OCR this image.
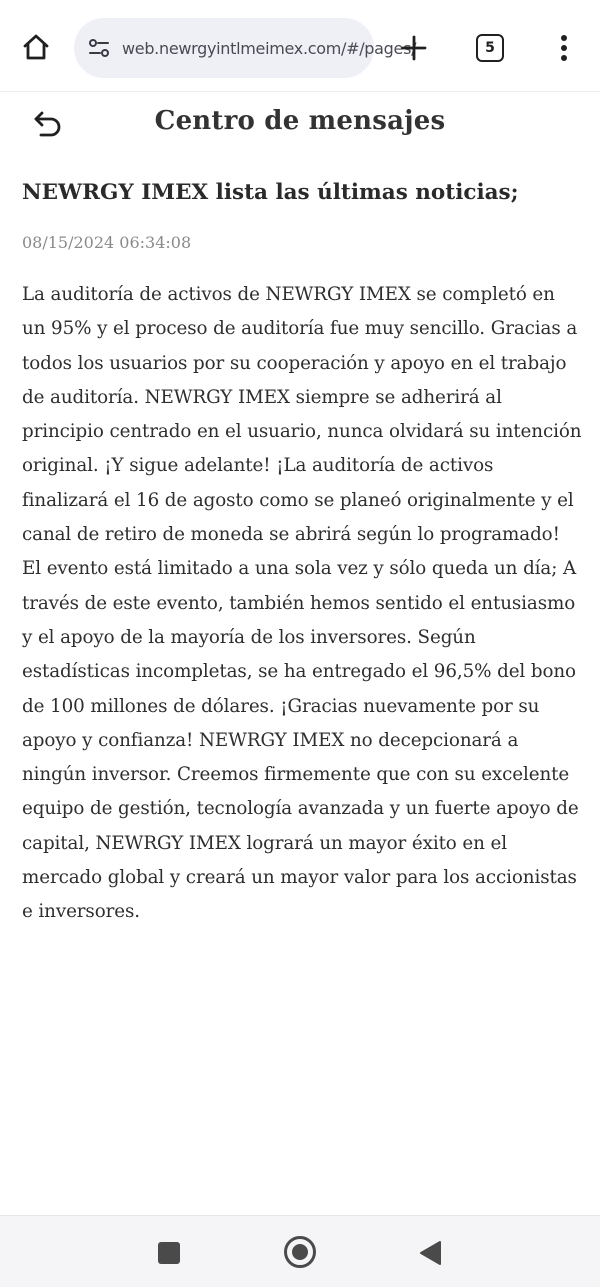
web.newrgyintlmeimex.com/#/pages/	5
Centro de mensajes
NEWRGY IMEX lista las últimas noticias;
08/15/2024 06:34:08

La auditoría de activos de NEWRGY IMEX se completó en un 95% y el proceso de auditoría fue muy sencillo. Gracias a todos los usuarios por su cooperación y apoyo en el trabajo de auditoría. NEWRGY IMEX siempre se adherirá al principio centrado en el usuario, nunca olvidará su intención original. ¡Y sigue adelante! ¡La auditoría de activos finalizará el 16 de agosto como se planeó originalmente y el canal de retiro de moneda se abrirá según lo programado! El evento está limitado a una sola vez y sólo queda un día; A través de este evento, también hemos sentido el entusiasmo y el apoyo de la mayoría de los inversores. Según estadísticas incompletas, se ha entregado el 96,5% del bono de 100 millones de dólares. ¡Gracias nuevamente por su apoyo y confianza! NEWRGY IMEX no decepcionará a ningún inversor. Creemos firmemente que con su excelente equipo de gestión, tecnología avanzada y un fuerte apoyo de capital, NEWRGY IMEX logrará un mayor éxito en el mercado global y creará un mayor valor para los accionistas e inversores.
